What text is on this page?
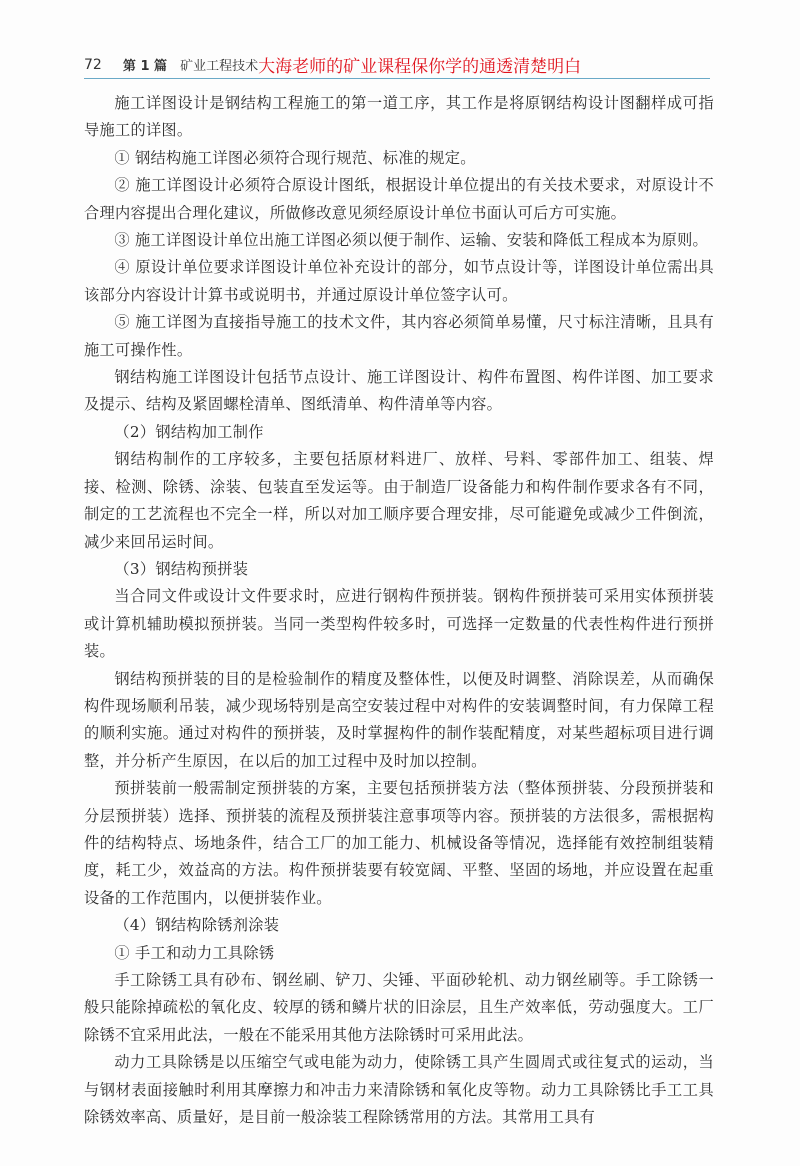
72 第 1 篇 矿业工程技术大海老师的矿业课程保你学的通透清楚明白

施工详图设计是钢结构工程施工的第一道工序，其工作是将原钢结构设计图翻样成可指导施工的详图。

① 钢结构施工详图必须符合现行规范、标准的规定。

② 施工详图设计必须符合原设计图纸，根据设计单位提出的有关技术要求，对原设计不合理内容提出合理化建议，所做修改意见须经原设计单位书面认可后方可实施。

③ 施工详图设计单位出施工详图必须以便于制作、运输、安装和降低工程成本为原则。

④ 原设计单位要求详图设计单位补充设计的部分，如节点设计等，详图设计单位需出具该部分内容设计计算书或说明书，并通过原设计单位签字认可。

⑤ 施工详图为直接指导施工的技术文件，其内容必须简单易懂，尺寸标注清晰，且具有施工可操作性。

钢结构施工详图设计包括节点设计、施工详图设计、构件布置图、构件详图、加工要求及提示、结构及紧固螺栓清单、图纸清单、构件清单等内容。

（2）钢结构加工制作

钢结构制作的工序较多，主要包括原材料进厂、放样、号料、零部件加工、组装、焊接、检测、除锈、涂装、包装直至发运等。由于制造厂设备能力和构件制作要求各有不同，制定的工艺流程也不完全一样，所以对加工顺序要合理安排，尽可能避免或减少工件倒流，减少来回吊运时间。

（3）钢结构预拼装

当合同文件或设计文件要求时，应进行钢构件预拼装。钢构件预拼装可采用实体预拼装或计算机辅助模拟预拼装。当同一类型构件较多时，可选择一定数量的代表性构件进行预拼装。

钢结构预拼装的目的是检验制作的精度及整体性，以便及时调整、消除误差，从而确保构件现场顺利吊装，减少现场特别是高空安装过程中对构件的安装调整时间，有力保障工程的顺利实施。通过对构件的预拼装，及时掌握构件的制作装配精度，对某些超标项目进行调整，并分析产生原因，在以后的加工过程中及时加以控制。

预拼装前一般需制定预拼装的方案，主要包括预拼装方法（整体预拼装、分段预拼装和分层预拼装）选择、预拼装的流程及预拼装注意事项等内容。预拼装的方法很多，需根据构件的结构特点、场地条件，结合工厂的加工能力、机械设备等情况，选择能有效控制组装精度，耗工少，效益高的方法。构件预拼装要有较宽阔、平整、坚固的场地，并应设置在起重设备的工作范围内，以便拼装作业。

（4）钢结构除锈剂涂装

① 手工和动力工具除锈

手工除锈工具有砂布、钢丝刷、铲刀、尖锤、平面砂轮机、动力钢丝刷等。手工除锈一般只能除掉疏松的氧化皮、较厚的锈和鳞片状的旧涂层，且生产效率低，劳动强度大。工厂除锈不宜采用此法，一般在不能采用其他方法除锈时可采用此法。

动力工具除锈是以压缩空气或电能为动力，使除锈工具产生圆周式或往复式的运动，当与钢材表面接触时利用其摩擦力和冲击力来清除锈和氧化皮等物。动力工具除锈比手工工具除锈效率高、质量好，是目前一般涂装工程除锈常用的方法。其常用工具有
